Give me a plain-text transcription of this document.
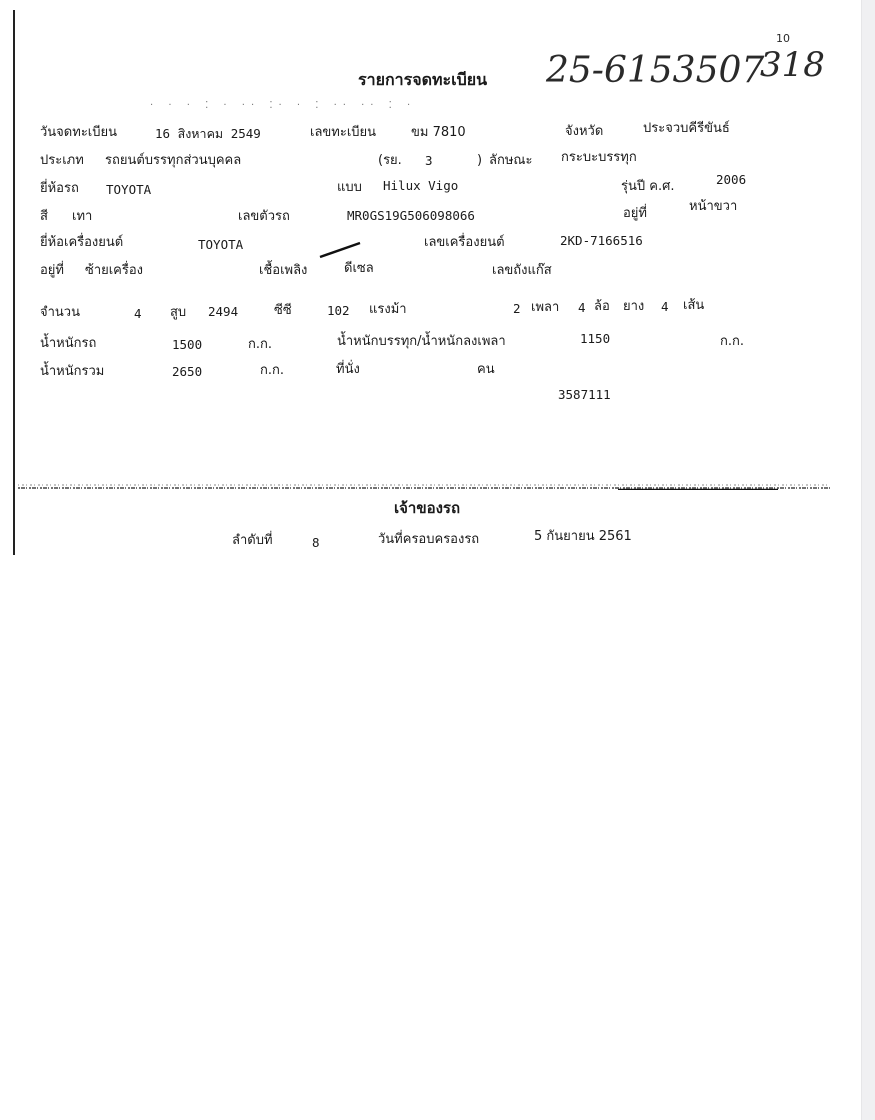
25-6153507
318
10
รายการจดทะเบียน
· · · ⁚ · ·· ⁚· · ⁚ ·· ·· ⁚ ·
วันจดทะเบียน	16 สิงหาคม 2549	เลขทะเบียน	ขม 7810	จังหวัด	ประจวบคีรีขันธ์
ประเภท รถยนต์บรรทุกส่วนบุคคล	(รย. 3	) ลักษณะ กระบะบรรทุก
ยี่ห้อรถ TOYOTA	แบบ Hilux Vigo	รุ่นปี ค.ศ.	2006
สี เทา	เลขตัวรถ	MR0GS19G506098066	อยู่ที่	หน้าขวา
ยี่ห้อเครื่องยนต์	TOYOTA	เลขเครื่องยนต์	2KD-7166516
อยู่ที่ ซ้ายเครื่อง	เชื้อเพลิง	ดีเซล	เลขถังแก๊ส
จำนวน	4 สูบ 2494	ซีซี	102 แรงม้า	2 เพลา 4 ล้อ ยาง 4 เส้น
น้ำหนักรถ	1500	ก.ก.	น้ำหนักบรรทุก/น้ำหนักลงเพลา	1150	ก.ก.
น้ำหนักรวม	2650	ก.ก.	ที่นั่ง	คน
3587111
เจ้าของรถ
ลำดับที่	8	วันที่ครอบครองรถ	5 กันยายน 2561
